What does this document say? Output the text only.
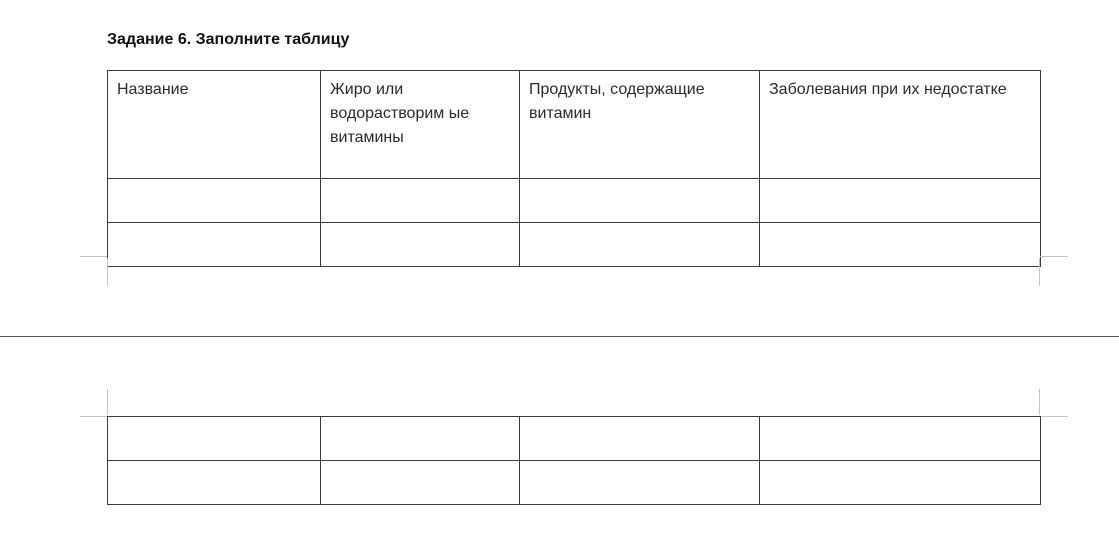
Задание 6. Заполните таблицу
Название	Жиро или водорастворим ые витамины	Продукты, содержащие витамин	Заболевания при их недостатке
